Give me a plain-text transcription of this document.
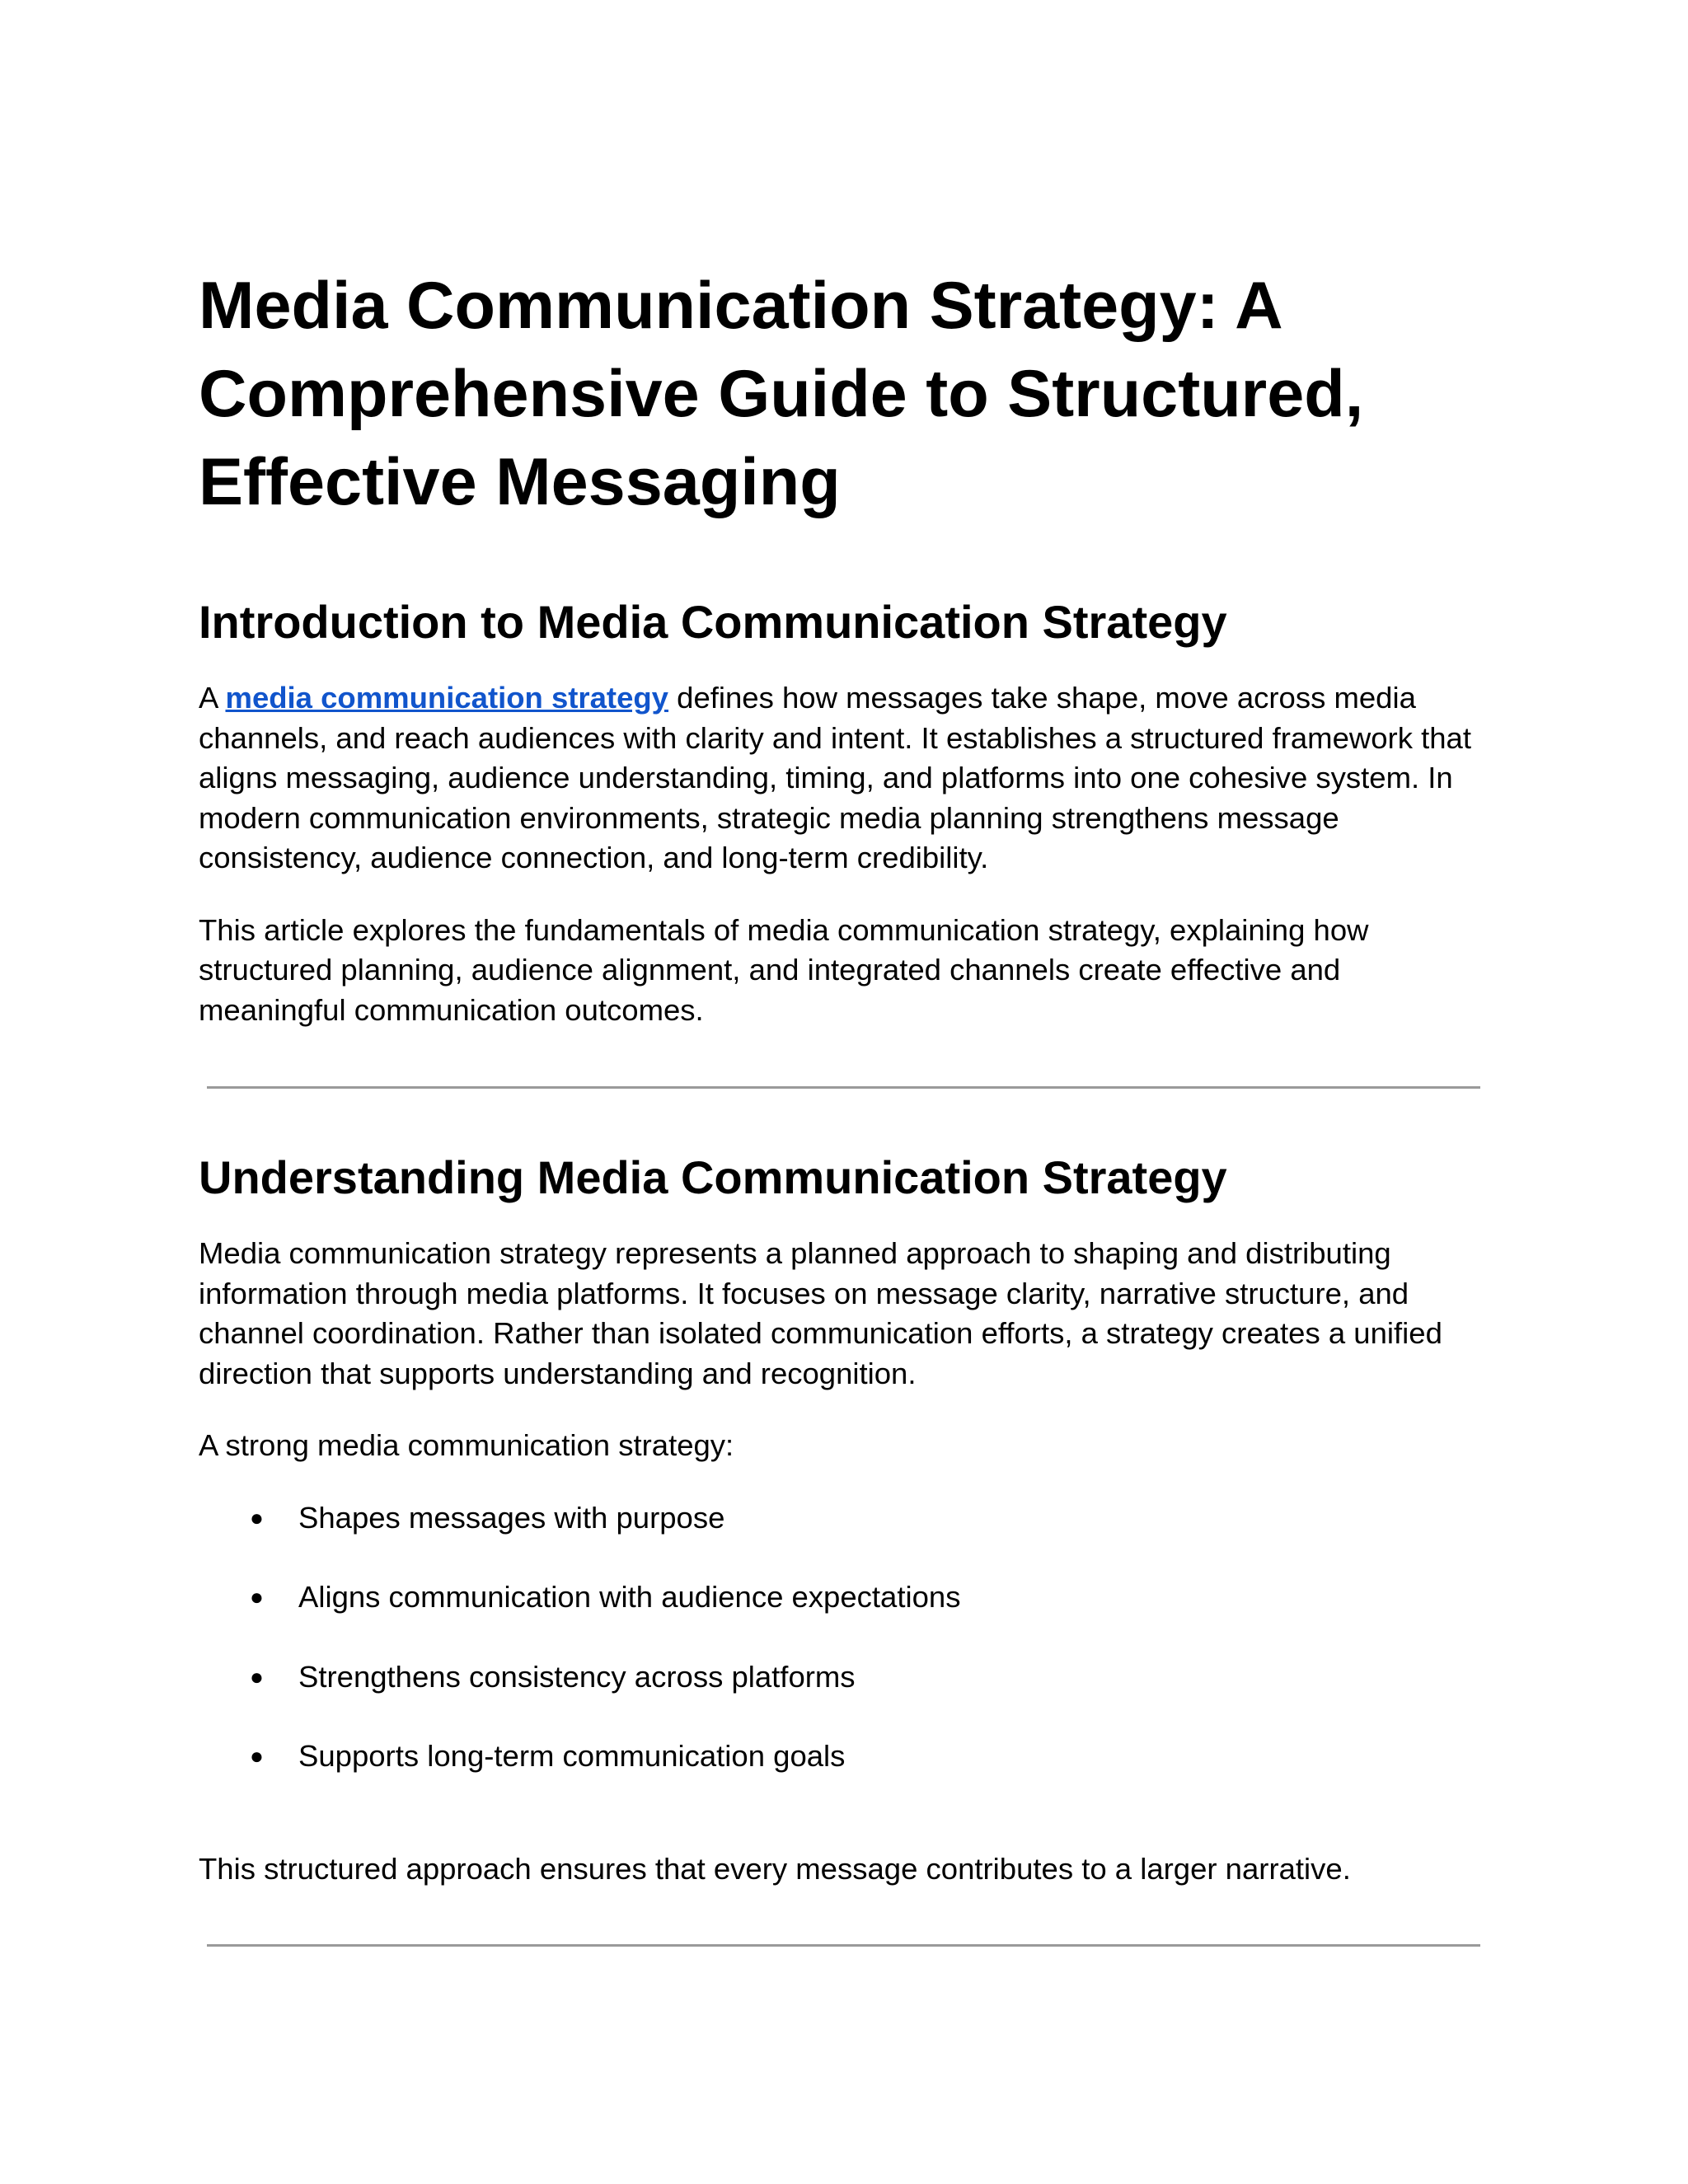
Media Communication Strategy: A Comprehensive Guide to Structured, Effective Messaging
Introduction to Media Communication Strategy

A media communication strategy defines how messages take shape, move across media channels, and reach audiences with clarity and intent. It establishes a structured framework that aligns messaging, audience understanding, timing, and platforms into one cohesive system. In modern communication environments, strategic media planning strengthens message consistency, audience connection, and long-term credibility.

This article explores the fundamentals of media communication strategy, explaining how structured planning, audience alignment, and integrated channels create effective and meaningful communication outcomes.

Understanding Media Communication Strategy

Media communication strategy represents a planned approach to shaping and distributing information through media platforms. It focuses on message clarity, narrative structure, and channel coordination. Rather than isolated communication efforts, a strategy creates a unified direction that supports understanding and recognition.

A strong media communication strategy:

● Shapes messages with purpose
● Aligns communication with audience expectations
● Strengthens consistency across platforms
● Supports long-term communication goals

This structured approach ensures that every message contributes to a larger narrative.
